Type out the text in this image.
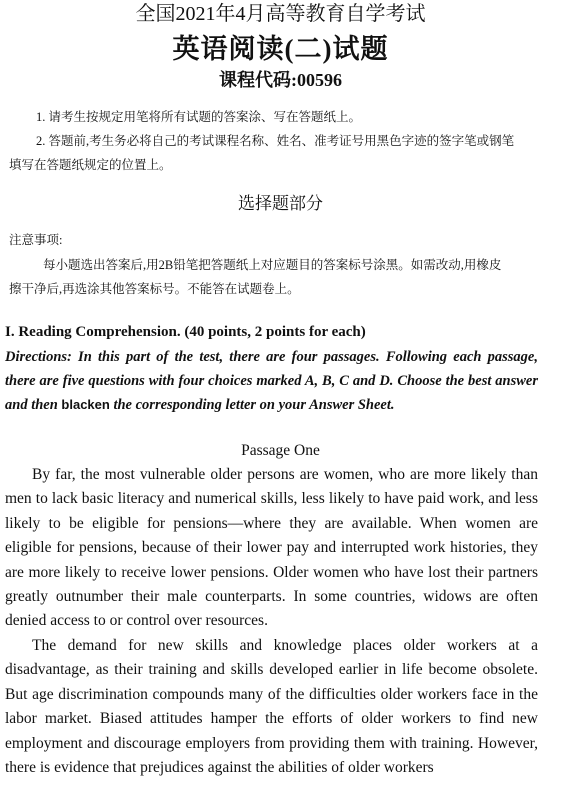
全国2021年4月高等教育自学考试
英语阅读(二)试题
课程代码:00596
1. 请考生按规定用笔将所有试题的答案涂、写在答题纸上。
2. 答题前,考生务必将自己的考试课程名称、姓名、准考证号用黑色字迹的签字笔或钢笔
填写在答题纸规定的位置上。
选择题部分
注意事项:
每小题选出答案后,用2B铅笔把答题纸上对应题目的答案标号涂黑。如需改动,用橡皮
擦干净后,再选涂其他答案标号。不能答在试题卷上。
I. Reading Comprehension. (40 points, 2 points for each)
Directions: In this part of the test, there are four passages. Following each passage, there are five questions with four choices marked A, B, C and D. Choose the best answer and then blacken the corresponding letter on your Answer Sheet.
Passage One

By far, the most vulnerable older persons are women, who are more likely than men to lack basic literacy and numerical skills, less likely to have paid work, and less likely to be eligible for pensions—where they are available. When women are eligible for pensions, because of their lower pay and interrupted work histories, they are more likely to receive lower pensions. Older women who have lost their partners greatly outnumber their male counterparts. In some countries, widows are often denied access to or control over resources.

The demand for new skills and knowledge places older workers at a disadvantage, as their training and skills developed earlier in life become obsolete. But age discrimination compounds many of the difficulties older workers face in the labor market. Biased attitudes hamper the efforts of older workers to find new employment and discourage employers from providing them with training. However, there is evidence that prejudices against the abilities of older workers
